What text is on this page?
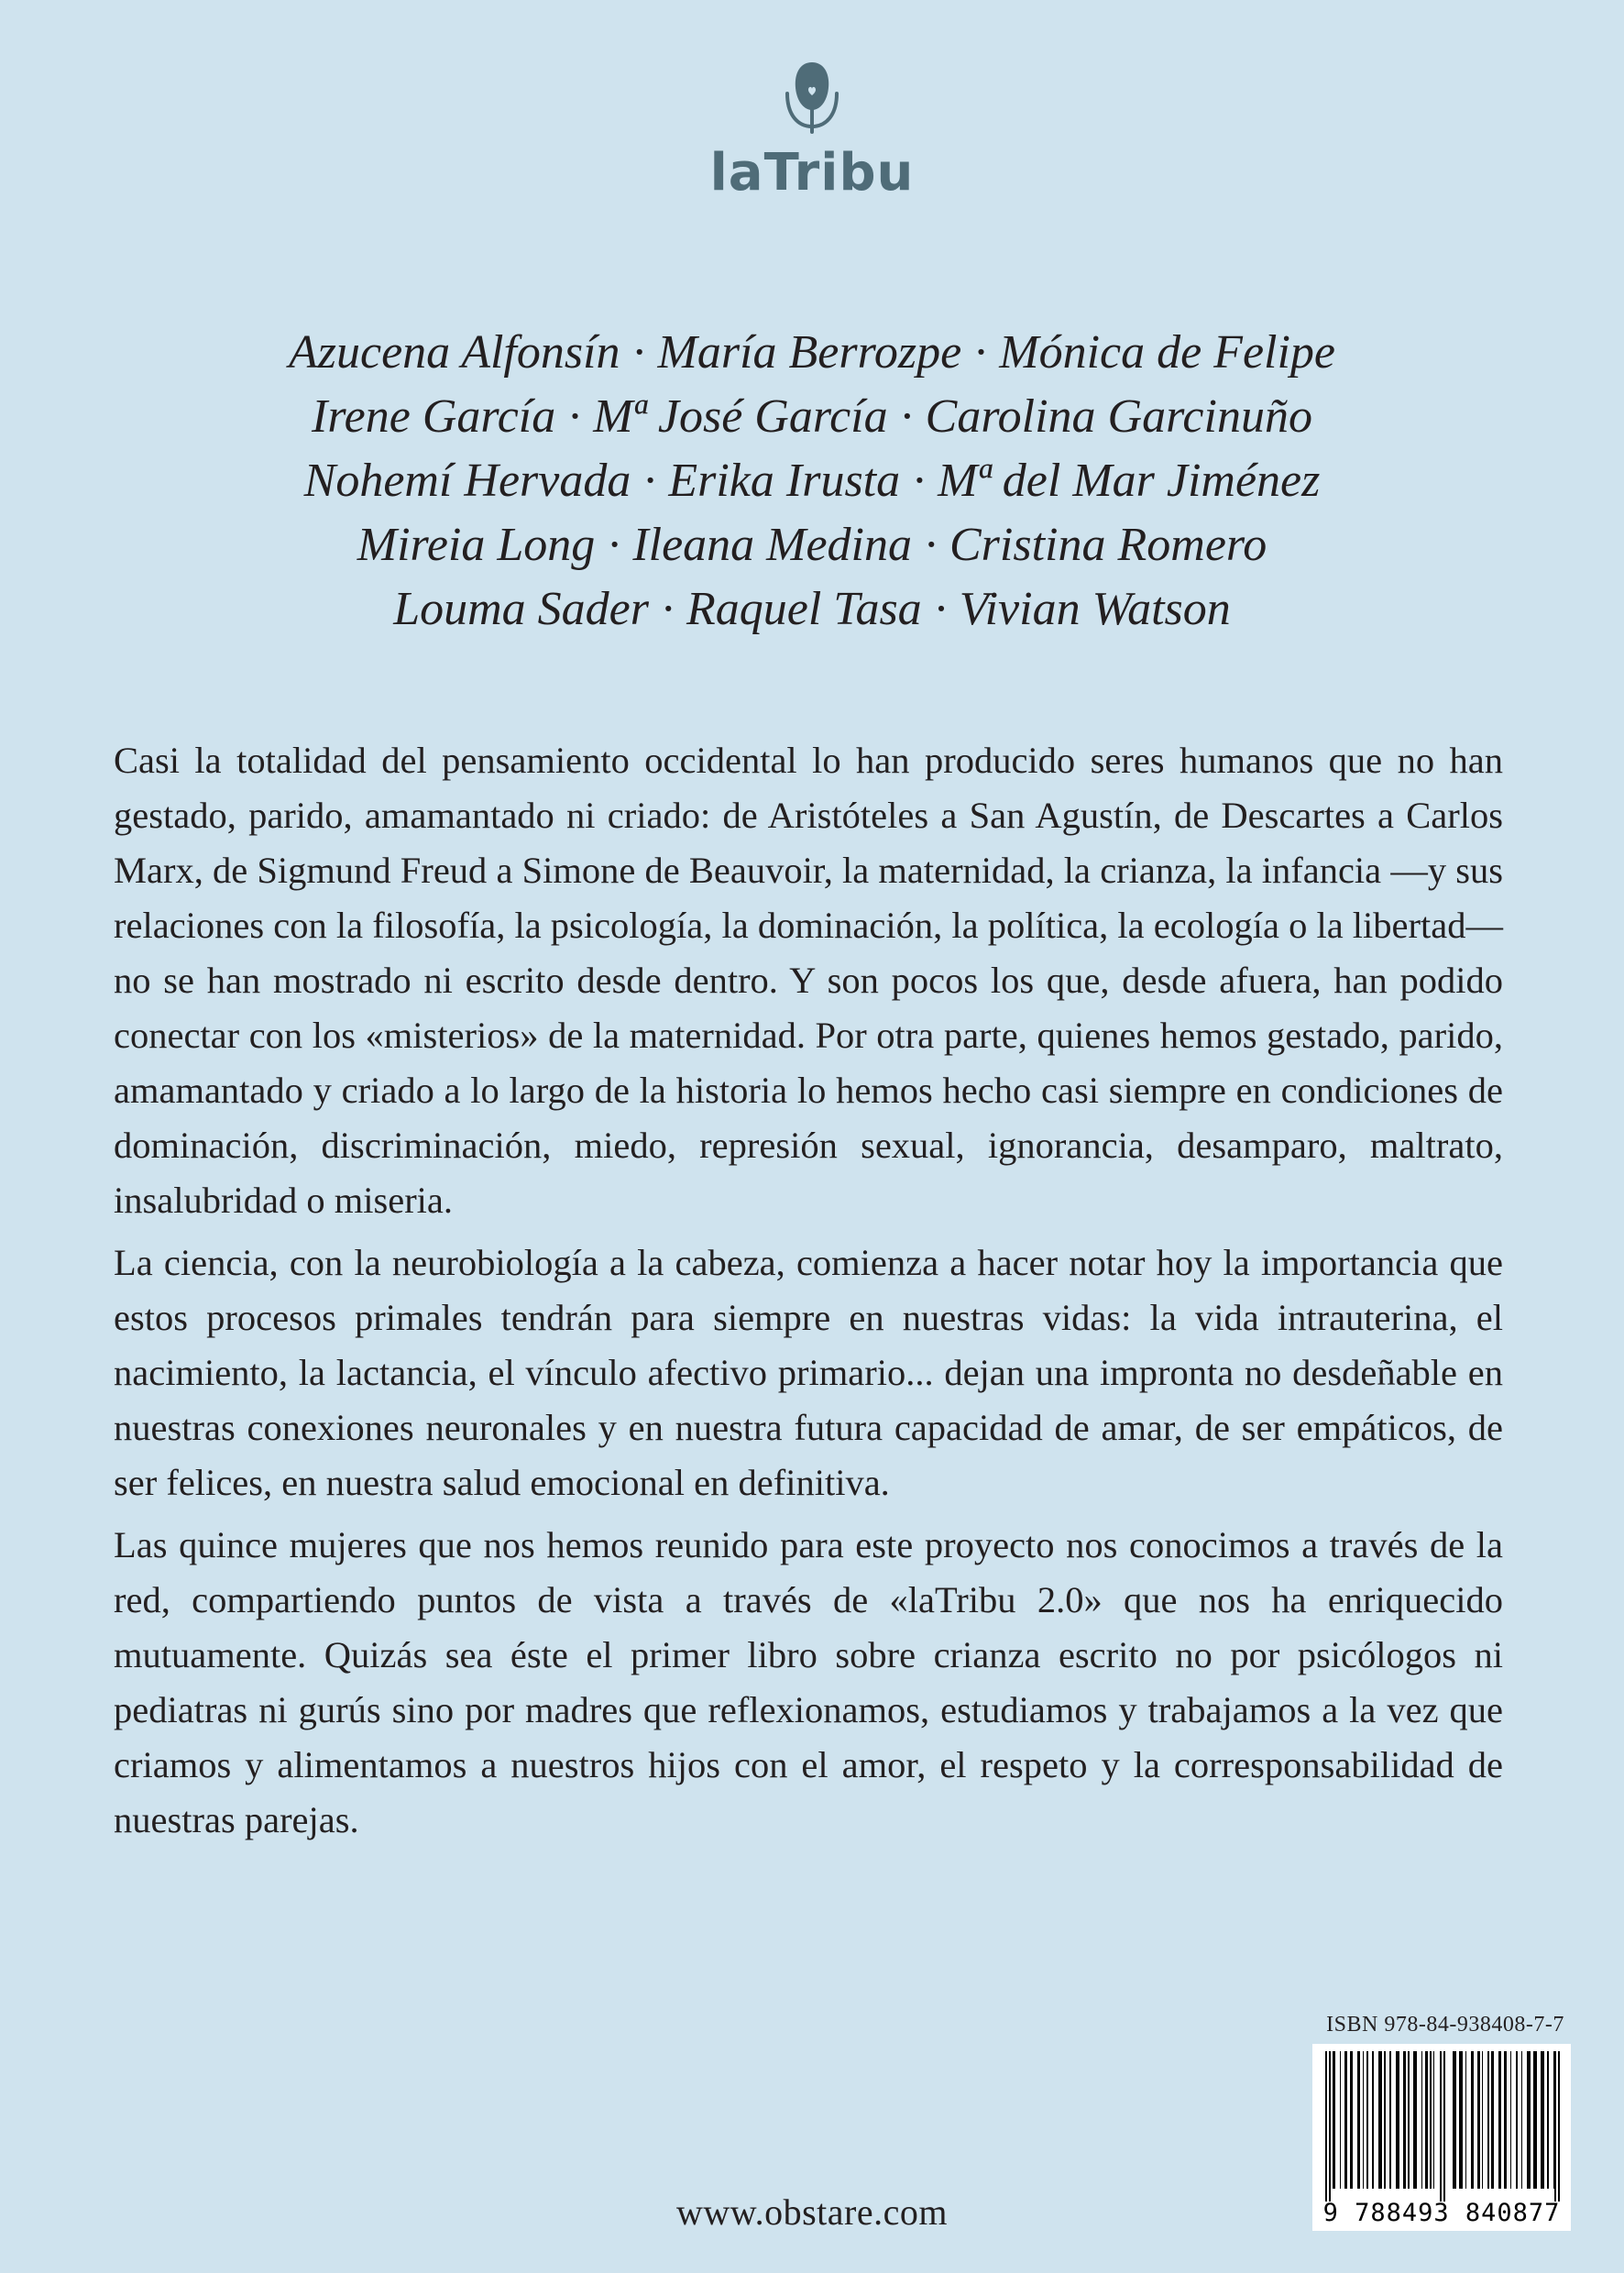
laTribu
Azucena Alfonsín · María Berrozpe · Mónica de Felipe
Irene García · Mª José García · Carolina Garcinuño
Nohemí Hervada · Erika Irusta · Mª del Mar Jiménez
Mireia Long · Ileana Medina · Cristina Romero
Louma Sader · Raquel Tasa · Vivian Watson

Casi la totalidad del pensamiento occidental lo han producido seres humanos que no han gestado, parido, amamantado ni criado: de Aristóteles a San Agustín, de Descartes a Carlos Marx, de Sigmund Freud a Simone de Beauvoir, la maternidad, la crianza, la infancia —y sus relaciones con la filosofía, la psicología, la dominación, la política, la ecología o la libertad— no se han mostrado ni escrito desde dentro. Y son pocos los que, desde afuera, han podido conectar con los «misterios» de la maternidad. Por otra parte, quienes hemos gestado, parido, amamantado y criado a lo largo de la historia lo hemos hecho casi siempre en condiciones de dominación, discriminación, miedo, represión sexual, ignorancia, desamparo, maltrato, insalubridad o miseria.

La ciencia, con la neurobiología a la cabeza, comienza a hacer notar hoy la importancia que estos procesos primales tendrán para siempre en nuestras vidas: la vida intrauterina, el nacimiento, la lactancia, el vínculo afectivo primario... dejan una impronta no desdeñable en nuestras conexiones neuronales y en nuestra futura capacidad de amar, de ser empáticos, de ser felices, en nuestra salud emocional en definitiva.

Las quince mujeres que nos hemos reunido para este proyecto nos conocimos a través de la red, compartiendo puntos de vista a través de «laTribu 2.0» que nos ha enriquecido mutuamente. Quizás sea éste el primer libro sobre crianza escrito no por psicólogos ni pediatras ni gurús sino por madres que reflexionamos, estudiamos y trabajamos a la vez que criamos y alimentamos a nuestros hijos con el amor, el respeto y la corresponsabilidad de nuestras parejas.

ISBN 978-84-938408-7-7
9 788493 840877
www.obstare.com
